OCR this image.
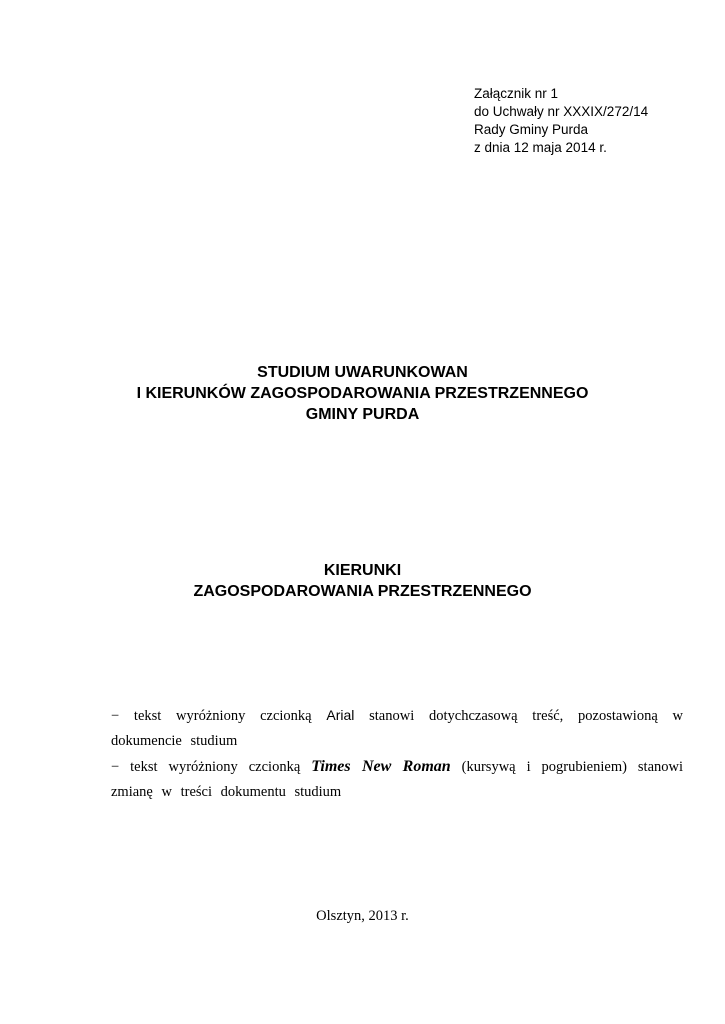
Załącznik nr 1
do Uchwały nr XXXIX/272/14
Rady Gminy Purda
z dnia 12 maja 2014 r.
STUDIUM UWARUNKOWAN
I KIERUNKÓW ZAGOSPODAROWANIA PRZESTRZENNEGO
GMINY PURDA
KIERUNKI
ZAGOSPODAROWANIA PRZESTRZENNEGO

− tekst wyróżniony czcionką Arial stanowi dotychczasową treść, pozostawioną w dokumencie studium

− tekst wyróżniony czcionką Times New Roman (kursywą i pogrubieniem) stanowi zmianę w treści dokumentu studium

Olsztyn, 2013 r.
